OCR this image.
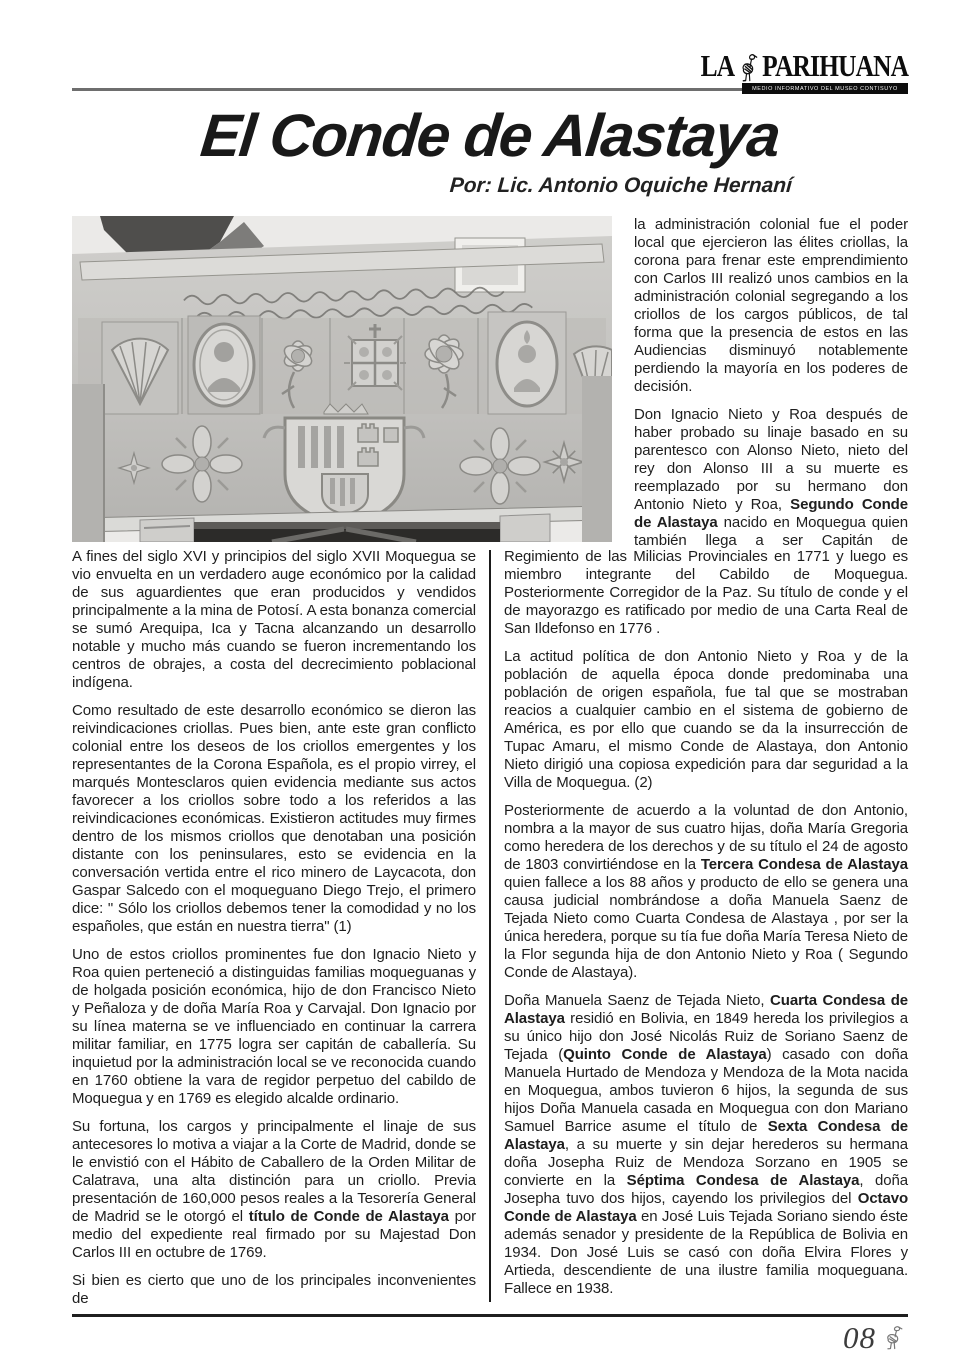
LA PARIHUANA
MEDIO INFORMATIVO DEL MUSEO CONTISUYO
El Conde de Alastaya
Por: Lic. Antonio Oquiche Hernaní

la administración colonial fue el poder local que ejercieron las élites criollas, la corona para frenar este emprendimiento con Carlos III realizó unos cambios en la administración colonial segregando a los criollos de los cargos públicos, de tal forma que la presencia de estos en las Audiencias disminuyó notablemente perdiendo la mayoría en los poderes de decisión.

Don Ignacio Nieto y Roa después de haber probado su linaje basado en su parentesco con Alonso Nieto, nieto del rey don Alonso III a su muerte es reemplazado por su hermano don Antonio Nieto y Roa, Segundo Conde de Alastaya nacido en Moquegua quien también llega a ser Capitán de

A fines del siglo XVI y principios del siglo XVII Moquegua se vio envuelta en un verdadero auge económico por la calidad de sus aguardientes que eran producidos y vendidos principalmente a la mina de Potosí. A esta bonanza comercial se sumó Arequipa, Ica y Tacna alcanzando un desarrollo notable y mucho más cuando se fueron incrementando los centros de obrajes, a costa del decrecimiento poblacional indígena.

Como resultado de este desarrollo económico se dieron las reivindicaciones criollas. Pues bien, ante este gran conflicto colonial entre los deseos de los criollos emergentes y los representantes de la Corona Española, es el propio virrey, el marqués Montesclaros quien evidencia mediante sus actos favorecer a los criollos sobre todo a los referidos a las reivindicaciones económicas. Existieron actitudes muy firmes dentro de los mismos criollos que denotaban una posición distante con los peninsulares, esto se evidencia en la conversación vertida entre el rico minero de Laycacota, don Gaspar Salcedo con el moqueguano Diego Trejo, el primero dice: " Sólo los criollos debemos tener la comodidad y no los españoles, que están en nuestra tierra" (1)

Uno de estos criollos prominentes fue don Ignacio Nieto y Roa quien perteneció a distinguidas familias moqueguanas y de holgada posición económica, hijo de don Francisco Nieto y Peñaloza y de doña María Roa y Carvajal. Don Ignacio por su línea materna se ve influenciado en continuar la carrera militar familiar, en 1775 logra ser capitán de caballería. Su inquietud por la administración local se ve reconocida cuando en 1760 obtiene la vara de regidor perpetuo del cabildo de Moquegua y en 1769 es elegido alcalde ordinario.

Su fortuna, los cargos y principalmente el linaje de sus antecesores lo motiva a viajar a la Corte de Madrid, donde se le envistió con el Hábito de Caballero de la Orden Militar de Calatrava, una alta distinción para un criollo. Previa presentación de 160,000 pesos reales a la Tesorería General de Madrid se le otorgó el título de Conde de Alastaya por medio del expediente real firmado por su Majestad Don Carlos III en octubre de 1769.

Si bien es cierto que uno de los principales inconvenientes de

Regimiento de las Milicias Provinciales en 1771 y luego es miembro integrante del Cabildo de Moquegua. Posteriormente Corregidor de la Paz. Su título de conde y el de mayorazgo es ratificado por medio de una Carta Real de San Ildefonso en 1776 .

La actitud política de don Antonio Nieto y Roa y de la población de aquella época donde predominaba una población de origen española, fue tal que se mostraban reacios a cualquier cambio en el sistema de gobierno de América, es por ello que cuando se da la insurrección de Tupac Amaru, el mismo Conde de Alastaya, don Antonio Nieto dirigió una copiosa expedición para dar seguridad a la Villa de Moquegua. (2)

Posteriormente de acuerdo a la voluntad de don Antonio, nombra a la mayor de sus cuatro hijas, doña María Gregoria como heredera de los derechos y de su título el 24 de agosto de 1803 convirtiéndose en la Tercera Condesa de Alastaya quien fallece a los 88 años y producto de ello se genera una causa judicial nombrándose a doña Manuela Saenz de Tejada Nieto como Cuarta Condesa de Alastaya , por ser la única heredera, porque su tía fue doña María Teresa Nieto de la Flor segunda hija de don Antonio Nieto y Roa ( Segundo Conde de Alastaya).

Doña Manuela Saenz de Tejada Nieto, Cuarta Condesa de Alastaya residió en Bolivia, en 1849 hereda los privilegios a su único hijo don José Nicolás Ruiz de Soriano Saenz de Tejada (Quinto Conde de Alastaya) casado con doña Manuela Hurtado de Mendoza y Mendoza de la Mota nacida en Moquegua, ambos tuvieron 6 hijos, la segunda de sus hijos Doña Manuela casada en Moquegua con don Mariano Samuel Barrice asume el título de Sexta Condesa de Alastaya, a su muerte y sin dejar herederos su hermana doña Josepha Ruiz de Mendoza Sorzano en 1905 se convierte en la Séptima Condesa de Alastaya, doña Josepha tuvo dos hijos, cayendo los privilegios del Octavo Conde de Alastaya en José Luis Tejada Soriano siendo éste además senador y presidente de la República de Bolivia en 1934. Don José Luis se casó con doña Elvira Flores y Artieda, descendiente de una ilustre familia moqueguana. Fallece en 1938.

08
